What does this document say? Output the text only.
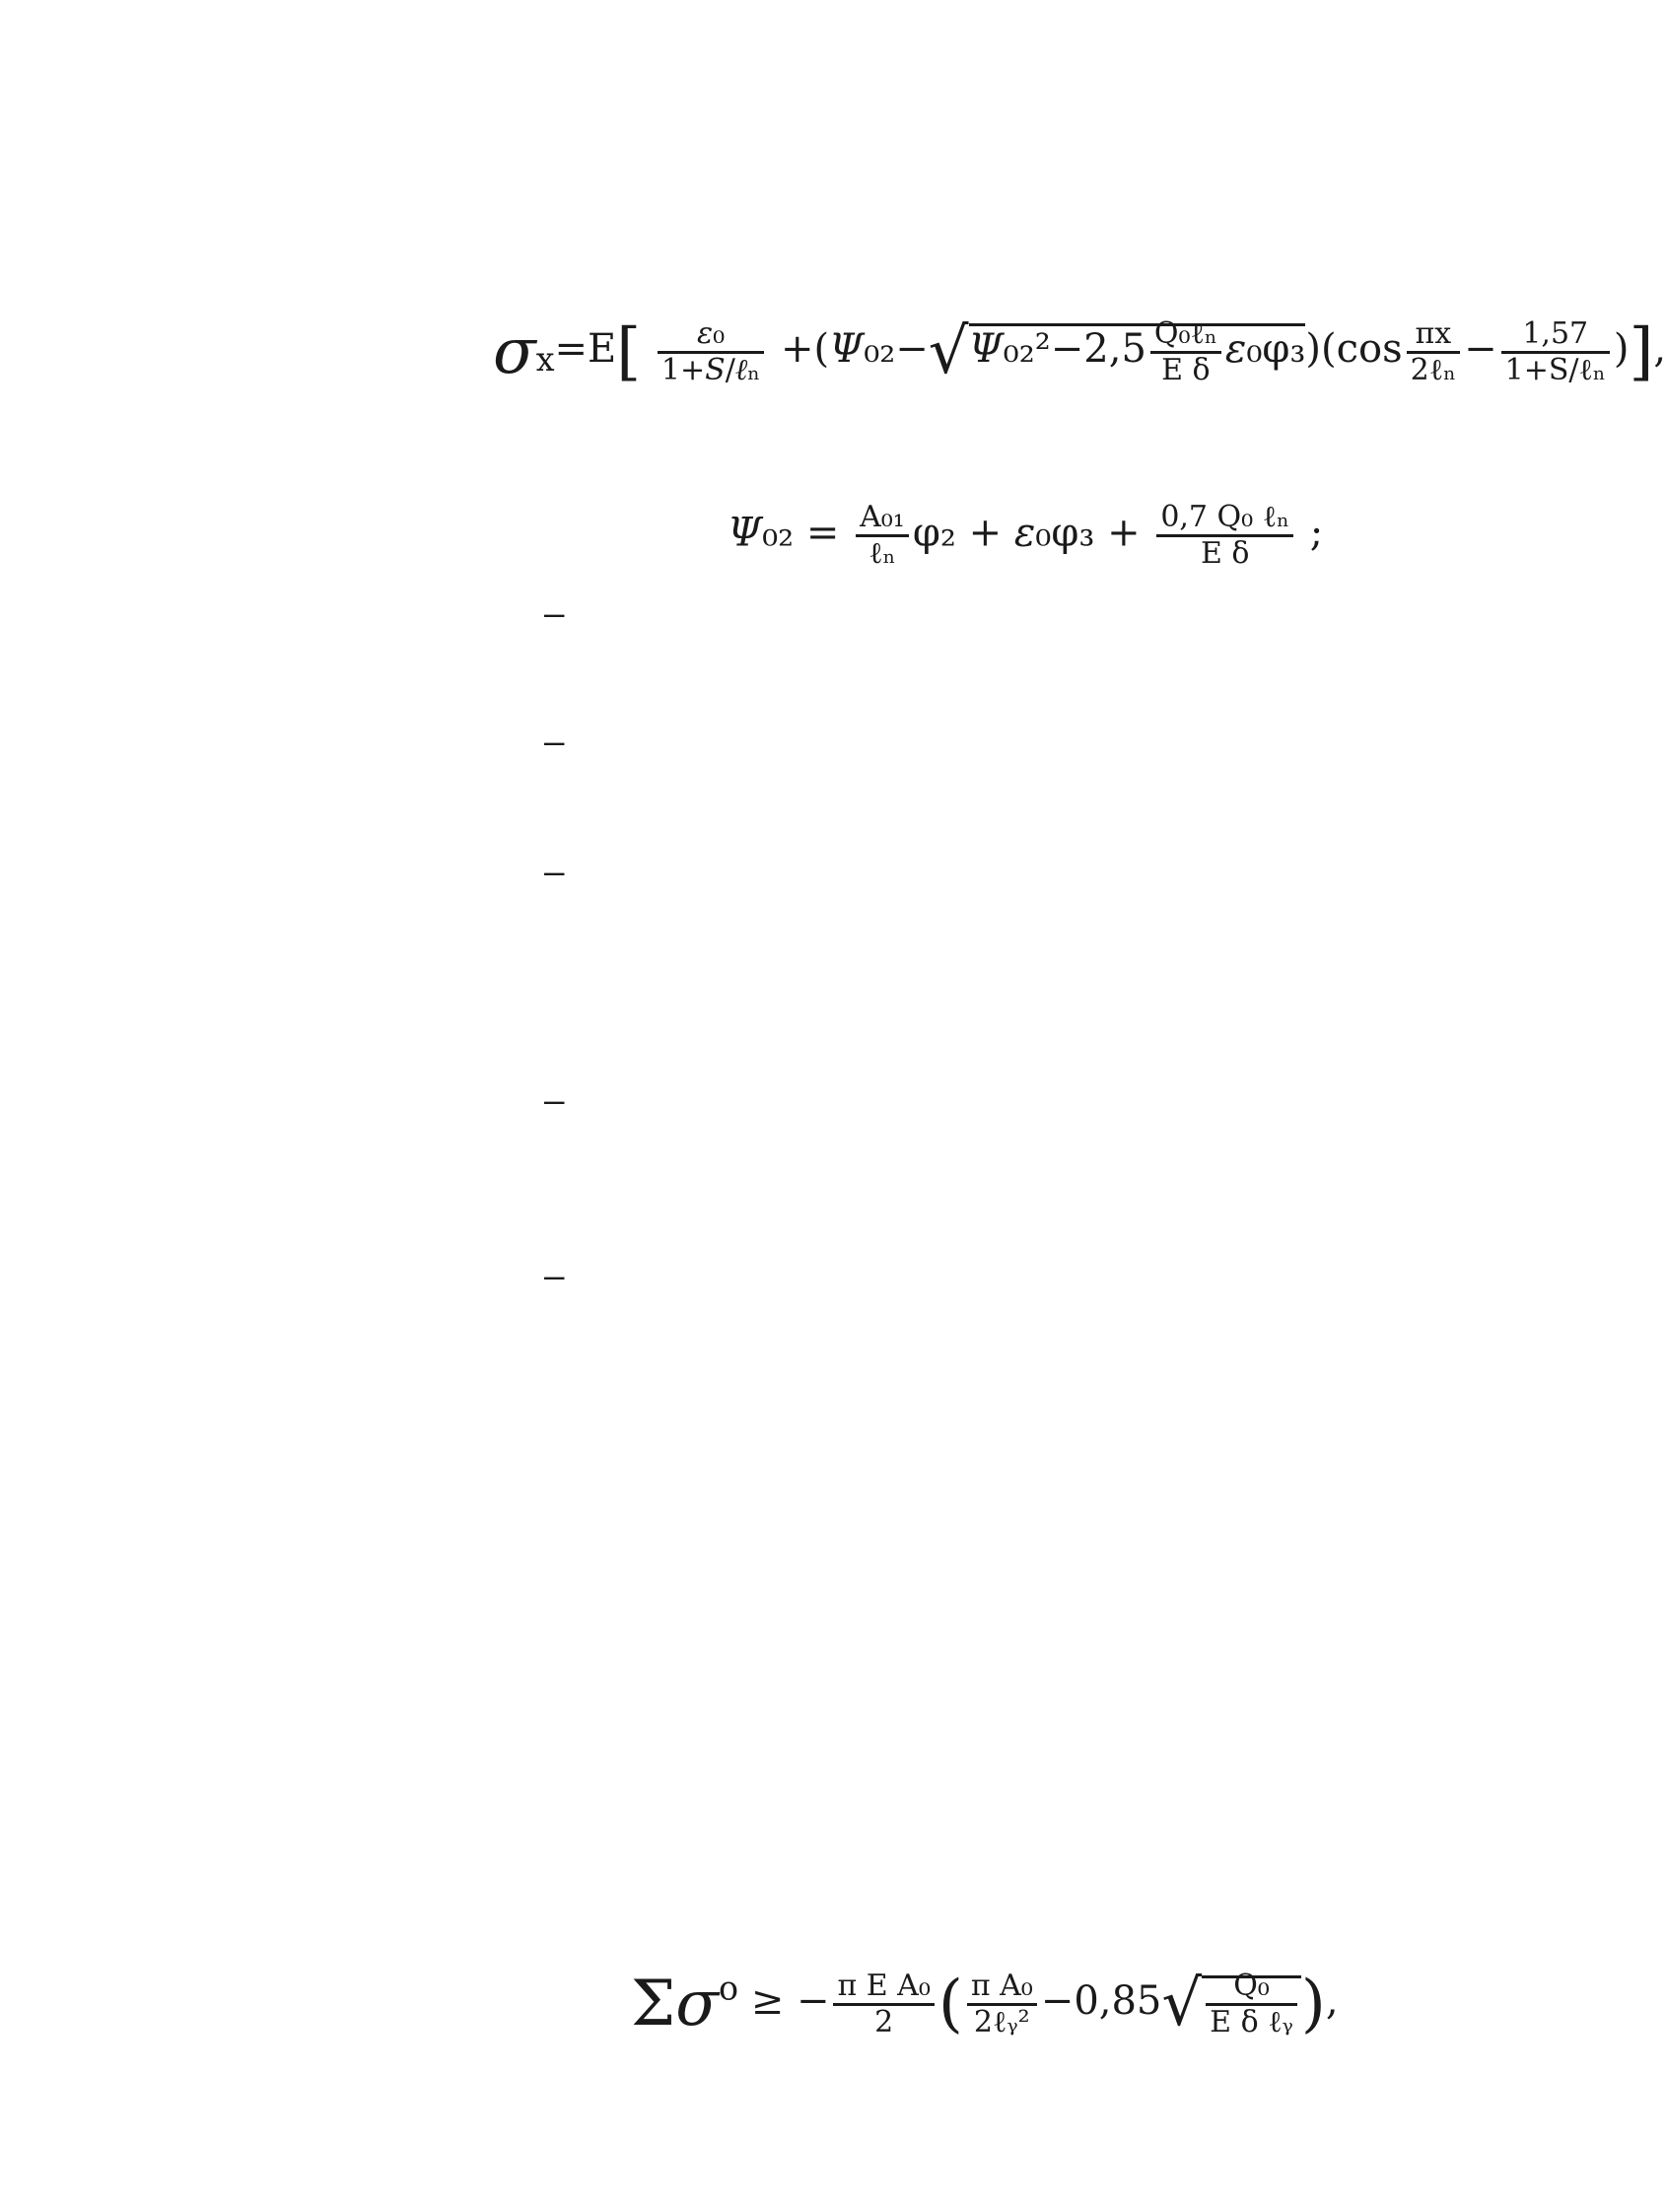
$\sigma_x=E[ \frac{\text{ε₀}}{\text{1+S/ℓₙ}} +(\Psi_{02}-√\Psi_{02}^2-2,5 \frac{\text{Q₀ℓₙ}}{\text{E δ}} \varepsilon_0\varphi_3)(\cos \frac{\pi x}{\text{2ℓₙ}} - \frac{1,57}{\text{1+S/ℓₙ}}$ )],
$\Psi_{02} = \frac{\text{A₀₁}}{\text{ℓₙ}} \varphi_2 + \varepsilon_0\varphi_3 + \frac{\text{0,7 Q₀ ℓₙ}}{\text{E δ}}$ ;
–
–
–
–
–
$\Sigma\sigma^o$ ≥ − $\frac{\text{π E A₀}}{2}$ ( $\frac{\text{π A₀}}{\text{2ℓᵧ²}} -0,85√ \frac{\text{Q₀}}{\text{E δ ℓᵧ}}$ ),
